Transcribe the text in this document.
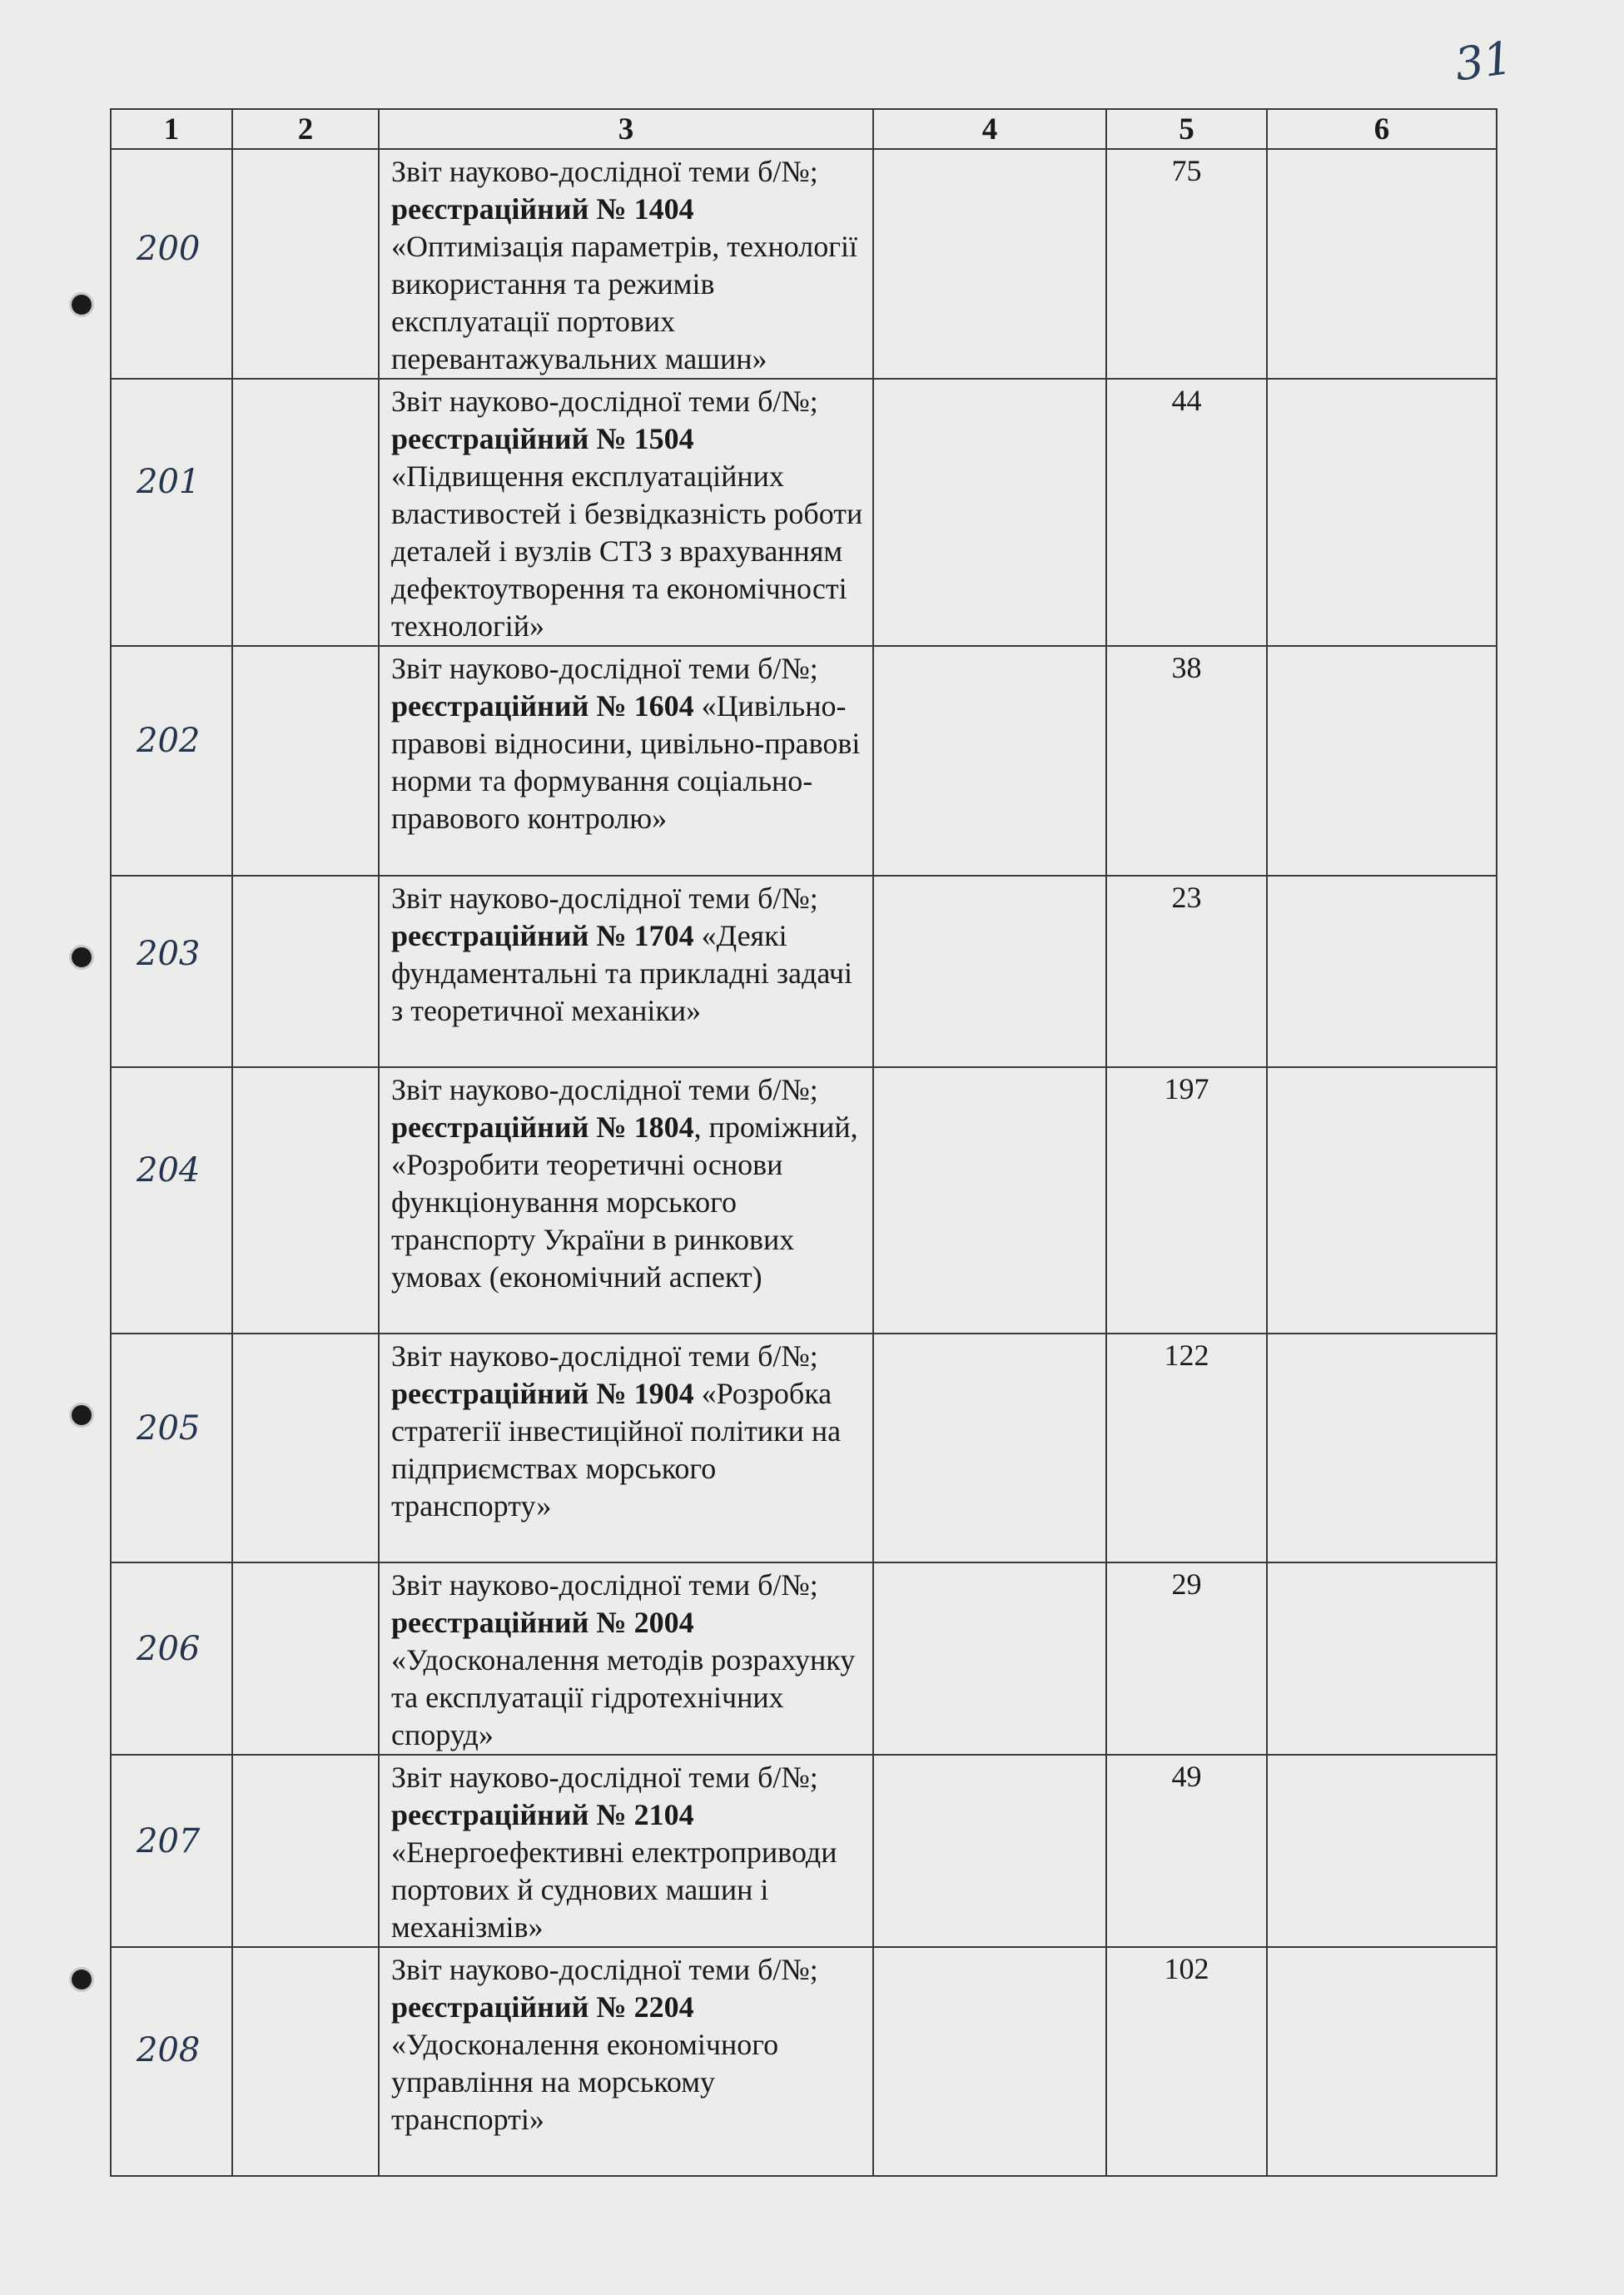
31
1	2	3	4	5	6

200		Звіт науково-дослідної теми б/№; реєстраційний № 1404 «Оптимізація параметрів, технології використання та режимів експлуатації портових перевантажувальних машин»		75	

201		Звіт науково-дослідної теми б/№; реєстраційний № 1504 «Підвищення експлуатаційних властивостей і безвідказність роботи деталей і вузлів СТЗ з врахуванням дефектоутворення та економічності технологій»		44	

202		Звіт науково-дослідної теми б/№; реєстраційний № 1604 «Цивільно-правові відносини, цивільно-правові норми та формування соціально-правового контролю»		38	

203		Звіт науково-дослідної теми б/№; реєстраційний № 1704 «Деякі фундаментальні та прикладні задачі з теоретичної механіки»		23	

204		Звіт науково-дослідної теми б/№; реєстраційний № 1804, проміжний, «Розробити теоретичні основи функціонування морського транспорту України в ринкових умовах (економічний аспект)		197	

205		Звіт науково-дослідної теми б/№; реєстраційний № 1904 «Розробка стратегії інвестиційної політики на підприємствах морського транспорту»		122	

206		Звіт науково-дослідної теми б/№; реєстраційний № 2004 «Удосконалення методів розрахунку та експлуатації гідротехнічних споруд»		29	

207		Звіт науково-дослідної теми б/№; реєстраційний № 2104 «Енергоефективні електроприводи портових й суднових машин і механізмів»		49	

208		Звіт науково-дослідної теми б/№; реєстраційний № 2204 «Удосконалення економічного управління на морському транспорті»		102	
